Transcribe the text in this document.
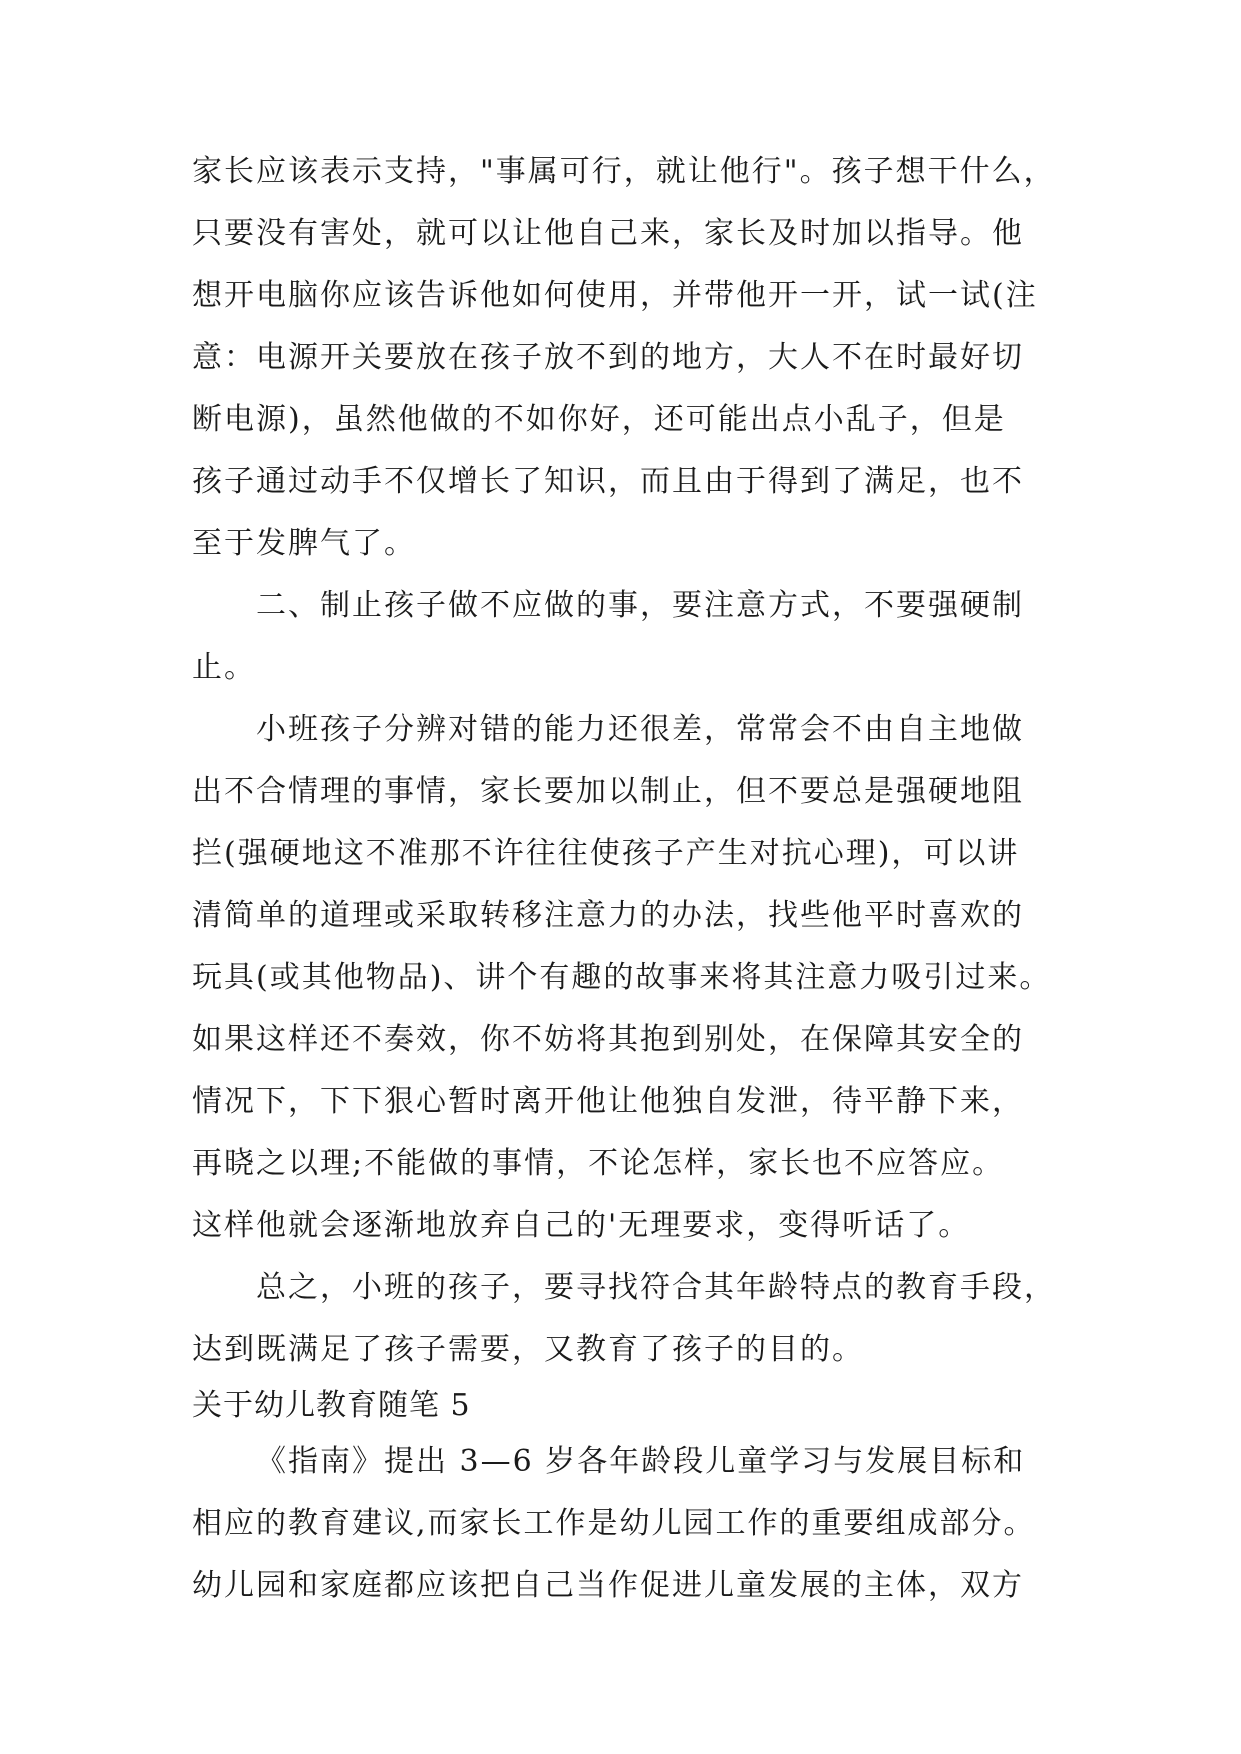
家长应该表示支持，"事属可行，就让他行"。孩子想干什么，
只要没有害处，就可以让他自己来，家长及时加以指导。他
想开电脑你应该告诉他如何使用，并带他开一开，试一试(注
意：电源开关要放在孩子放不到的地方，大人不在时最好切
断电源)，虽然他做的不如你好，还可能出点小乱子，但是
孩子通过动手不仅增长了知识，而且由于得到了满足，也不
至于发脾气了。
二、制止孩子做不应做的事，要注意方式，不要强硬制
止。
小班孩子分辨对错的能力还很差，常常会不由自主地做
出不合情理的事情，家长要加以制止，但不要总是强硬地阻
拦(强硬地这不准那不许往往使孩子产生对抗心理)，可以讲
清简单的道理或采取转移注意力的办法，找些他平时喜欢的
玩具(或其他物品)、讲个有趣的故事来将其注意力吸引过来。
如果这样还不奏效，你不妨将其抱到别处，在保障其安全的
情况下，下下狠心暂时离开他让他独自发泄，待平静下来，
再晓之以理;不能做的事情，不论怎样，家长也不应答应。
这样他就会逐渐地放弃自己的'无理要求，变得听话了。
总之，小班的孩子，要寻找符合其年龄特点的教育手段，
达到既满足了孩子需要，又教育了孩子的目的。
关于幼儿教育随笔 5
《指南》提出 3—6 岁各年龄段儿童学习与发展目标和
相应的教育建议,而家长工作是幼儿园工作的重要组成部分。
幼儿园和家庭都应该把自己当作促进儿童发展的主体，双方
